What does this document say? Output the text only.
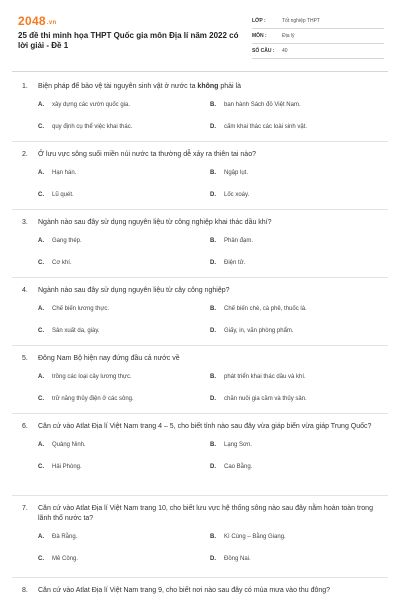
2048.vn
25 đề thi minh họa THPT Quốc gia môn Địa lí năm 2022 có lời giải - Đề 1
LỚP :	Tốt nghiệp THPT
MÔN :	Địa lý
SỐ CÂU :	40
1.	Biện pháp để bảo vệ tài nguyên sinh vật ở nước ta không phải là
A.	xây dựng các vườn quốc gia.	B.	ban hành Sách đỏ Việt Nam.
C.	quy định cụ thể việc khai thác.	D.	cấm khai thác các loài sinh vật.
2.	Ở lưu vực sông suối miền núi nước ta thường dễ xảy ra thiên tai nào?
A.	Hạn hán.	B.	Ngập lụt.
C.	Lũ quét.	D.	Lốc xoáy.
3.	Ngành nào sau đây sử dụng nguyên liệu từ công nghiệp khai thác dầu khí?
A.	Gang thép.	B.	Phân đạm.
C.	Cơ khí.	D.	Điện tử.
4.	Ngành nào sau đây sử dụng nguyên liệu từ cây công nghiệp?
A.	Chế biến lương thực.	B.	Chế biến chè, cà phê, thuốc lá.
C.	Sản xuất da, giày.	D.	Giấy, in, văn phòng phẩm.
5.	Đông Nam Bộ hiện nay đứng đầu cả nước về
A.	trồng các loại cây lương thực.	B.	phát triển khai thác dầu và khí.
C.	trữ năng thủy điện ở các sông.	D.	chăn nuôi gia cầm và thủy sản.
6.	Căn cứ vào Atlat Địa lí Việt Nam trang 4 – 5, cho biết tỉnh nào sau đây vừa giáp biển vừa giáp Trung Quốc?
A.	Quảng Ninh.	B.	Lạng Sơn.
C.	Hải Phòng.	D.	Cao Bằng.
7.	Căn cứ vào Atlat Địa lí Việt Nam trang 10, cho biết lưu vực hệ thống sông nào sau đây nằm hoàn toàn trong lãnh thổ nước ta?
A.	Đà Rằng.	B.	Kì Cùng – Bằng Giang.
C.	Mê Công.	D.	Đồng Nai.
8.	Căn cứ vào Atlat Địa lí Việt Nam trang 9, cho biết nơi nào sau đây có mùa mưa vào thu đông?
